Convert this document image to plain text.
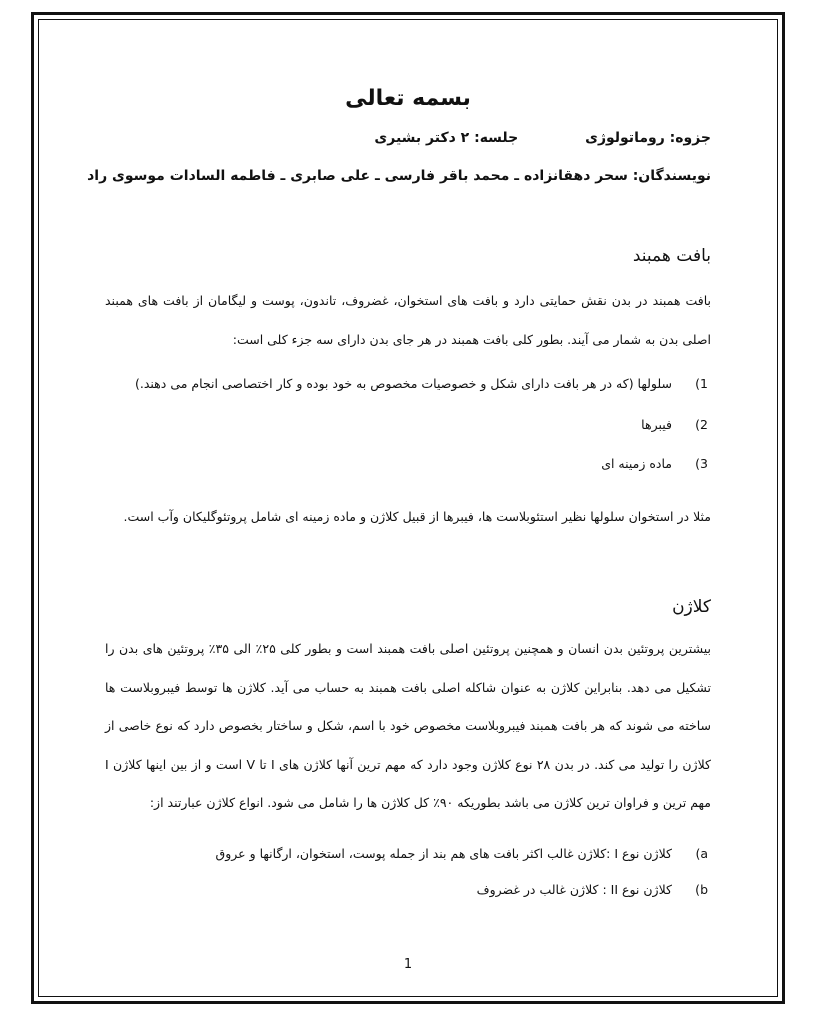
بسمه تعالی
جزوه: روماتولوژی جلسه: ۲ دکتر بشیری
نویسندگان: سحر دهقانزاده ـ محمد باقر فارسی ـ علی صابری ـ فاطمه السادات موسوی راد
بافت همبند
بافت همبند در بدن نقش حمایتی دارد و بافت های استخوان، غضروف، تاندون، پوست و لیگامان از بافت های همبند اصلی بدن به شمار می آیند. بطور کلی بافت همبند در هر جای بدن دارای سه جزء کلی است:
1)سلولها (که در هر بافت دارای شکل و خصوصیات مخصوص به خود بوده و کار اختصاصی انجام می دهند.)
2)فیبرها
3)ماده زمینه ای
مثلا در استخوان سلولها نظیر استئوبلاست ها، فیبرها از قبیل کلاژن و ماده زمینه ای شامل پروتئوگلیکان وآب است.
کلاژن
بیشترین پروتئین بدن انسان و همچنین پروتئین اصلی بافت همبند است و بطور کلی ۲۵٪ الی ۳۵٪ پروتئین های بدن را تشکیل می دهد. بنابراین کلاژن به عنوان شاکله اصلی بافت همبند به حساب می آید. کلاژن ها توسط فیبروبلاست ها ساخته می شوند که هر بافت همبند فیبروبلاست مخصوص خود با اسم، شکل و ساختار بخصوص دارد که نوع خاصی از کلاژن را تولید می کند. در بدن ۲۸ نوع کلاژن وجود دارد که مهم ترین آنها کلاژن های I تا V است و از بین اینها کلاژن I مهم ترین و فراوان ترین کلاژن می باشد بطوریکه ۹۰٪ کل کلاژن ها را شامل می شود. انواع کلاژن عبارتند از:
a)کلاژن نوع I :کلاژن غالب اکثر بافت های هم بند از جمله پوست، استخوان، ارگانها و عروق
b)کلاژن نوع II : کلاژن غالب در غضروف
1
